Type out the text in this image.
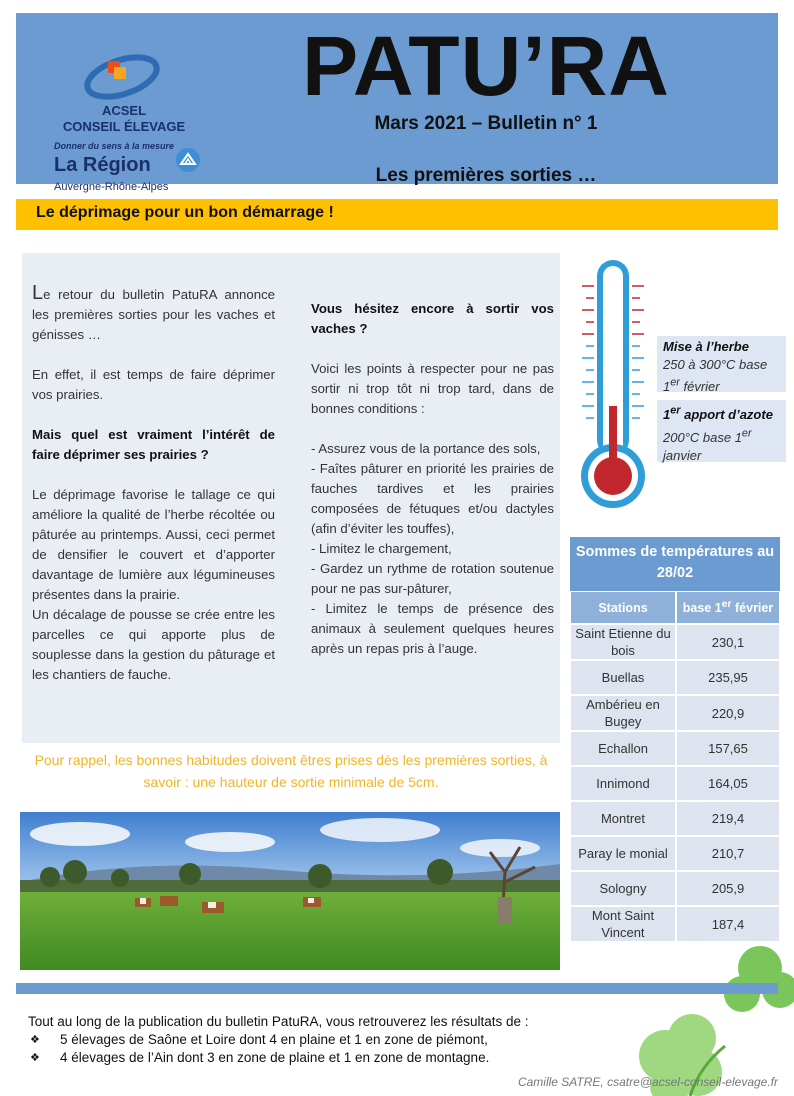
ACSEL
CONSEIL ÉLEVAGE
Donner du sens à la mesure
La Région
Auvergne-Rhône-Alpes
PATU’RA
Mars 2021 – Bulletin n° 1
Les premières sorties …
Le déprimage pour un bon démarrage !

Le retour du bulletin PatuRA annonce les premières sorties pour les vaches et génisses …

En effet, il est temps de faire déprimer vos prairies.

Mais quel est vraiment l’intérêt de faire déprimer ses prairies ?

Le déprimage favorise le tallage ce qui améliore la qualité de l’herbe récoltée ou pâturée au printemps. Aussi, ceci permet de densifier le couvert et d’apporter davantage de lumière aux légumineuses présentes dans la prairie.

Un décalage de pousse se crée entre les parcelles ce qui apporte plus de souplesse dans la gestion du pâturage et les chantiers de fauche.

Vous hésitez encore à sortir vos vaches ?

Voici les points à respecter pour ne pas sortir ni trop tôt ni trop tard, dans de bonnes conditions :

- Assurez vous de la portance des sols,
- Faîtes pâturer en priorité les prairies de fauches tardives et les prairies composées de fétuques et/ou dactyles (afin d’éviter les touffes),
- Limitez le chargement,
- Gardez un rythme de rotation soutenue pour ne pas sur-pâturer,
- Limitez le temps de présence des animaux à seulement quelques heures après un repas pris à l’auge.
Pour rappel, les bonnes habitudes doivent êtres prises dès les premières sorties, à savoir : une hauteur de sortie minimale de 5cm.
Mise à l’herbe
250 à 300°C base 1er février
1er apport d’azote
200°C base 1er janvier
Sommes de températures au 28/02
Stations	base 1er février
Saint Etienne du bois	230,1
Buellas	235,95
Ambérieu en Bugey	220,9
Echallon	157,65
Innimond	164,05
Montret	219,4
Paray le monial	210,7
Sologny	205,9
Mont Saint Vincent	187,4
Tout au long de la publication du bulletin PatuRA, vous retrouverez les résultats de :
❖ 5 élevages de Saône et Loire dont 4 en plaine et 1 en zone de piémont,
❖ 4 élevages de l’Ain dont 3 en zone de plaine et 1 en zone de montagne.
Camille SATRE, csatre@acsel-conseil-elevage.fr
